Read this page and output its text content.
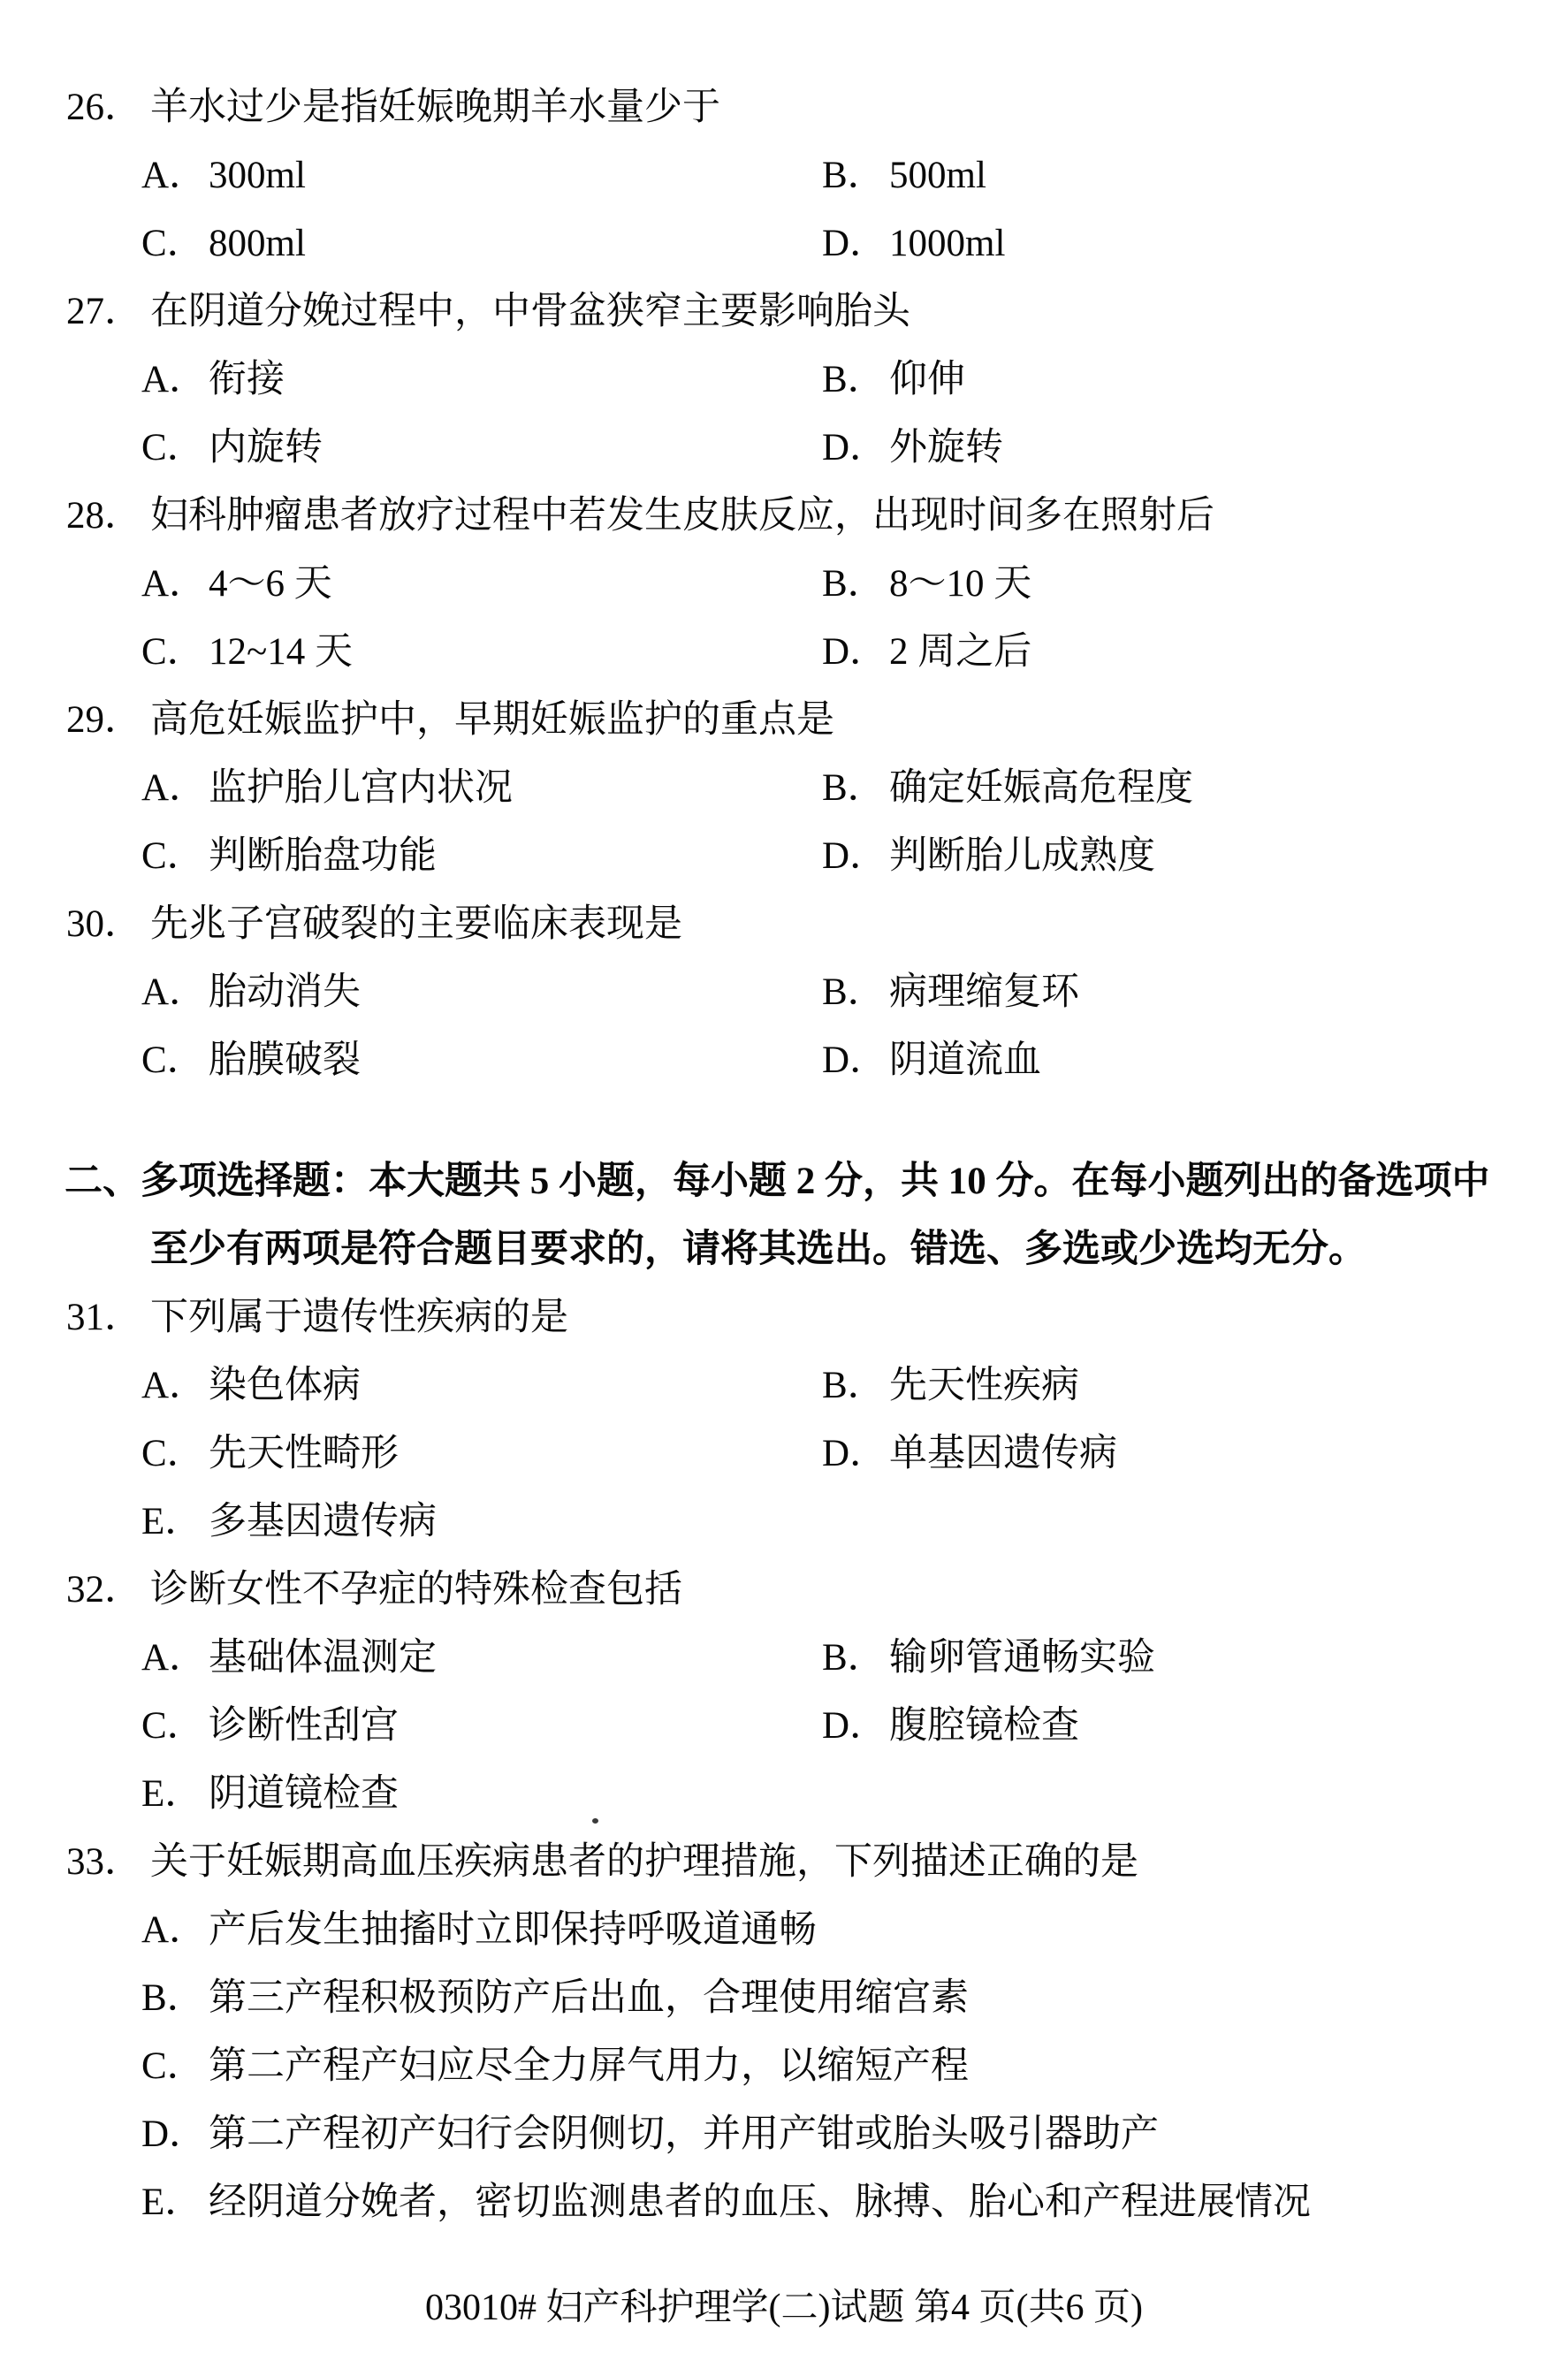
26． 羊水过少是指妊娠晚期羊水量少于
A．300ml	B． 500ml
C． 800ml	D．1000ml
27． 在阴道分娩过程中，中骨盆狭窄主要影响胎头
A．衔接	B． 仰伸
C． 内旋转	D．外旋转
28． 妇科肿瘤患者放疗过程中若发生皮肤反应，出现时间多在照射后
A．4～6 天	B． 8～10 天
C． 12~14 天	D．2 周之后
29． 高危妊娠监护中，早期妊娠监护的重点是
A．监护胎儿宫内状况	B． 确定妊娠高危程度
C． 判断胎盘功能	D．判断胎儿成熟度
30． 先兆子宫破裂的主要临床表现是
A．胎动消失	B． 病理缩复环
C． 胎膜破裂	D．阴道流血
二、多项选择题：本大题共 5 小题，每小题 2 分，共 10 分。在每小题列出的备选项中
至少有两项是符合题目要求的，请将其选出。错选、多选或少选均无分。
31． 下列属于遗传性疾病的是
A．染色体病	B． 先天性疾病
C． 先天性畸形	D．单基因遗传病
E． 多基因遗传病
32． 诊断女性不孕症的特殊检查包括
A．基础体温测定	B． 输卵管通畅实验
C． 诊断性刮宫	D．腹腔镜检查
E． 阴道镜检查
33． 关于妊娠期高血压疾病患者的护理措施，下列描述正确的是
A．产后发生抽搐时立即保持呼吸道通畅
B． 第三产程积极预防产后出血，合理使用缩宫素
C． 第二产程产妇应尽全力屏气用力，以缩短产程
D．第二产程初产妇行会阴侧切，并用产钳或胎头吸引器助产
E． 经阴道分娩者，密切监测患者的血压、脉搏、胎心和产程进展情况
03010# 妇产科护理学(二)试题 第4 页(共6 页)
